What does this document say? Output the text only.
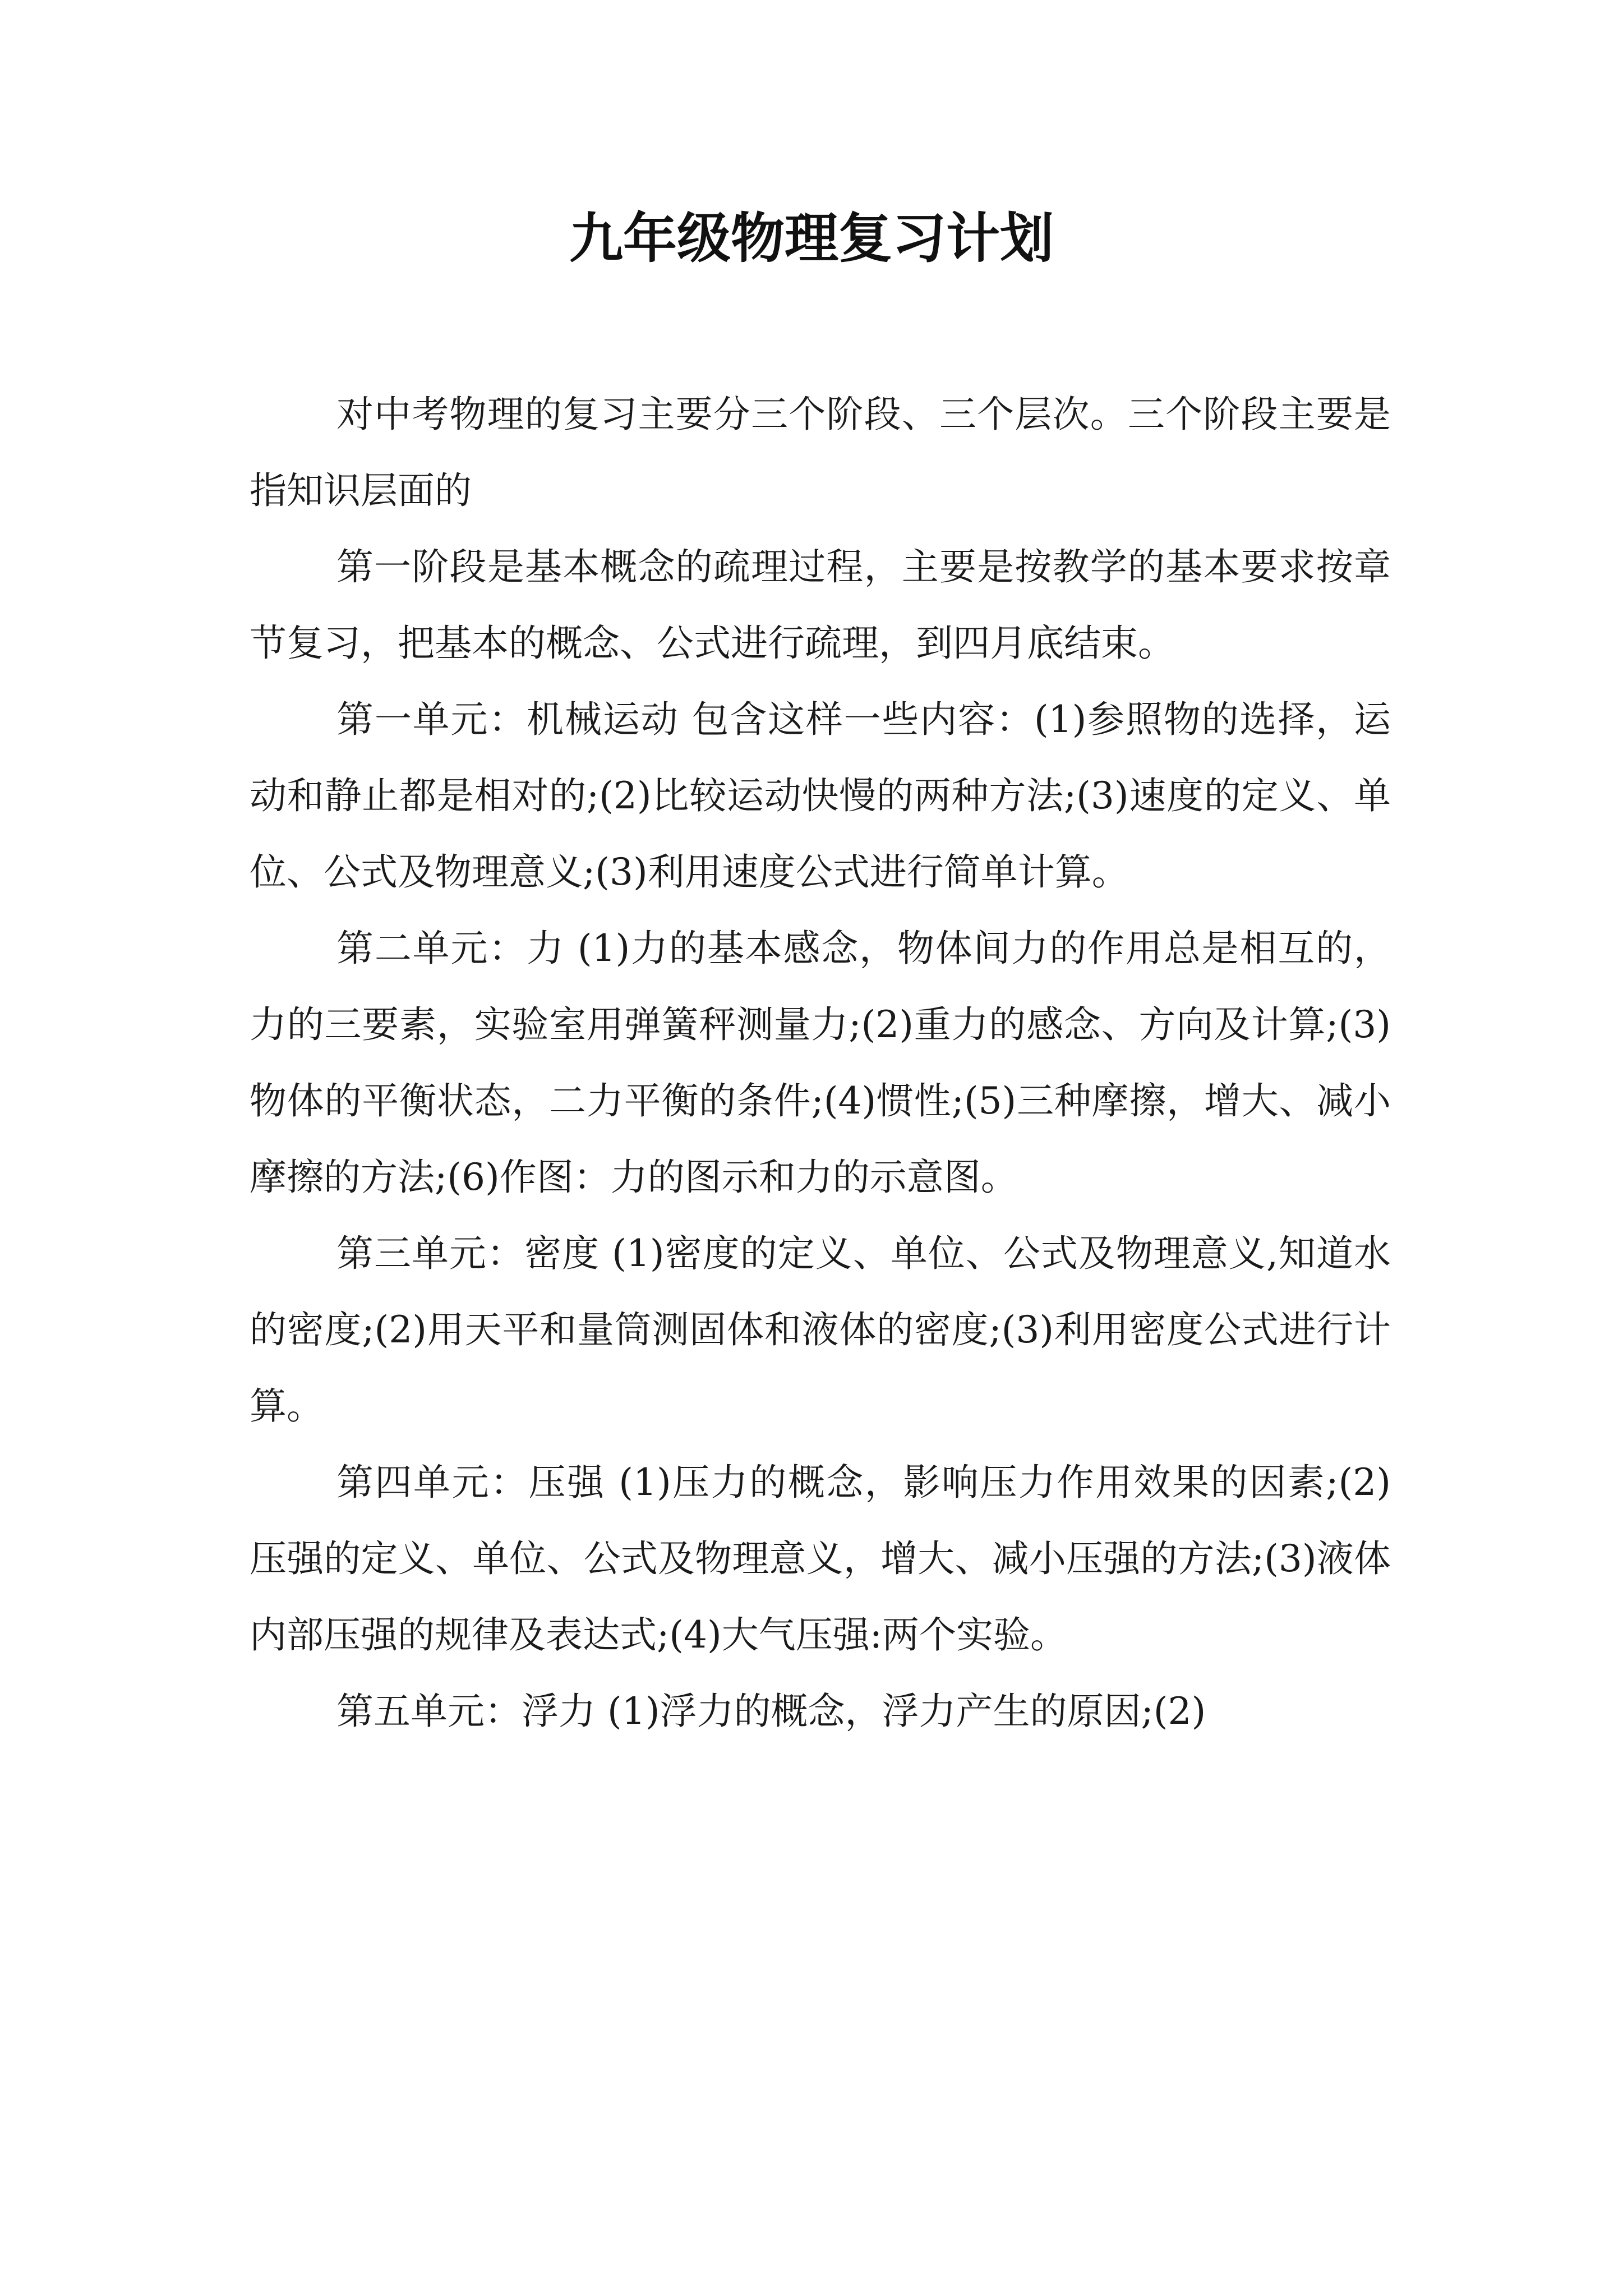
九年级物理复习计划

对中考物理的复习主要分三个阶段、三个层次。三个阶段主要是指知识层面的

第一阶段是基本概念的疏理过程，主要是按教学的基本要求按章节复习，把基本的概念、公式进行疏理，到四月底结束。

第一单元：机械运动 包含这样一些内容：(1)参照物的选择，运动和静止都是相对的;(2)比较运动快慢的两种方法;(3)速度的定义、单位、公式及物理意义;(3)利用速度公式进行简单计算。

第二单元：力 (1)力的基本感念，物体间力的作用总是相互的，力的三要素，实验室用弹簧秤测量力;(2)重力的感念、方向及计算;(3)物体的平衡状态，二力平衡的条件;(4)惯性;(5)三种摩擦，增大、减小摩擦的方法;(6)作图：力的图示和力的示意图。

第三单元：密度 (1)密度的定义、单位、公式及物理意义,知道水的密度;(2)用天平和量筒测固体和液体的密度;(3)利用密度公式进行计算。

第四单元：压强 (1)压力的概念，影响压力作用效果的因素;(2)压强的定义、单位、公式及物理意义，增大、减小压强的方法;(3)液体内部压强的规律及表达式;(4)大气压强:两个实验。

第五单元：浮力 (1)浮力的概念，浮力产生的原因;(2)
